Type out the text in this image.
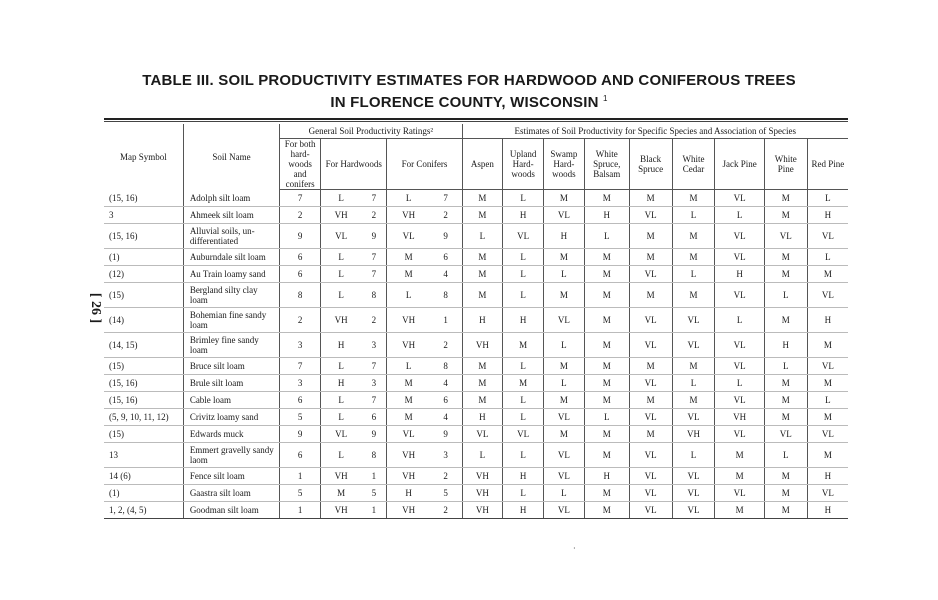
TABLE III. SOIL PRODUCTIVITY ESTIMATES FOR HARDWOOD AND CONIFEROUS TREES
IN FLORENCE COUNTY, WISCONSIN $^1$
[ 26 ]
Map Symbol	Soil Name	General Soil Productivity Ratings²					Estimates of Soil Productivity for Specific Species and Association of Species								
		For both hard-woods and conifers	For Hardwoods		For Conifers		Aspen	Upland Hard-woods	Swamp Hard-woods	White Spruce, Balsam	Black Spruce	White Cedar	Jack Pine	White Pine	Red Pine
(15, 16)	Adolph silt loam	7	L	7	L	7	M	L	M	M	M	M	VL	M	L
3	Ahmeek silt loam	2	VH	2	VH	2	M	H	VL	H	VL	L	L	M	H
(15, 16)	Alluvial soils, un-differentiated	9	VL	9	VL	9	L	VL	H	L	M	M	VL	VL	VL
(1)	Auburndale silt loam	6	L	7	M	6	M	L	M	M	M	M	VL	M	L
(12)	Au Train loamy sand	6	L	7	M	4	M	L	L	M	VL	L	H	M	M
(15)	Bergland silty clay loam	8	L	8	L	8	M	L	M	M	M	M	VL	L	VL
(14)	Bohemian fine sandy loam	2	VH	2	VH	1	H	H	VL	M	VL	VL	L	M	H
(14, 15)	Brimley fine sandy loam	3	H	3	VH	2	VH	M	L	M	VL	VL	VL	H	M
(15)	Bruce silt loam	7	L	7	L	8	M	L	M	M	M	M	VL	L	VL
(15, 16)	Brule silt loam	3	H	3	M	4	M	M	L	M	VL	L	L	M	M
(15, 16)	Cable loam	6	L	7	M	6	M	L	M	M	M	M	VL	M	L
(5, 9, 10, 11, 12)	Crivitz loamy sand	5	L	6	M	4	H	L	VL	L	VL	VL	VH	M	M
(15)	Edwards muck	9	VL	9	VL	9	VL	VL	M	M	M	VH	VL	VL	VL
13	Emmert gravelly sandy laom	6	L	8	VH	3	L	L	VL	M	VL	L	M	L	M
14 (6)	Fence silt loam	1	VH	1	VH	2	VH	H	VL	H	VL	VL	M	M	H
(1)	Gaastra silt loam	5	M	5	H	5	VH	L	L	M	VL	VL	VL	M	VL
1, 2, (4, 5)	Goodman silt loam	1	VH	1	VH	2	VH	H	VL	M	VL	VL	M	M	H
·
